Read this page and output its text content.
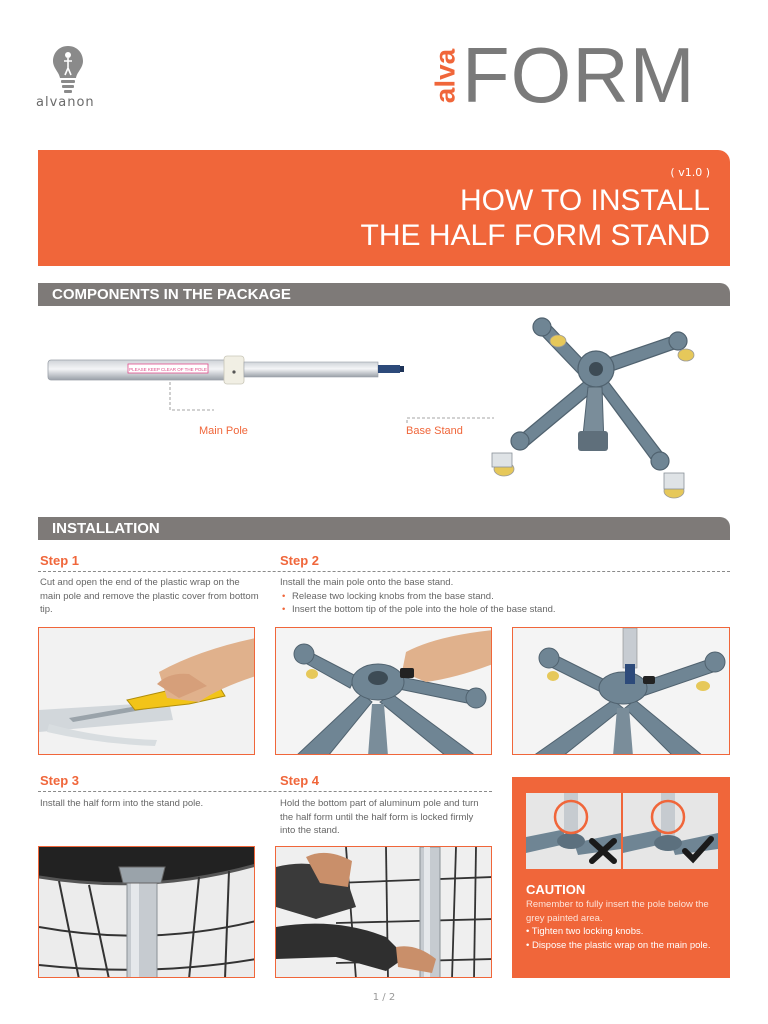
alvanon	alva FORM
( v1.0 )
HOW TO INSTALL
THE HALF FORM STAND
COMPONENTS IN THE PACKAGE
PLEASE KEEP CLEAR OF THE POLE
Main Pole	Base Stand
INSTALLATION
Step 1	Step 2
Cut and open the end of the plastic wrap on the main pole and remove the plastic cover from bottom tip.
Install the main pole onto the base stand.
• Release two locking knobs from the base stand.
• Insert the bottom tip of the pole into the hole of the base stand.
Step 3	Step 4
Install the half form into the stand pole.	Hold the bottom part of aluminum pole and turn the half form until the half form is locked firmly into the stand.
CAUTION
Remember to fully insert the pole below the grey painted area.
• Tighten two locking knobs.
• Dispose the plastic wrap on the main pole.
1 / 2
